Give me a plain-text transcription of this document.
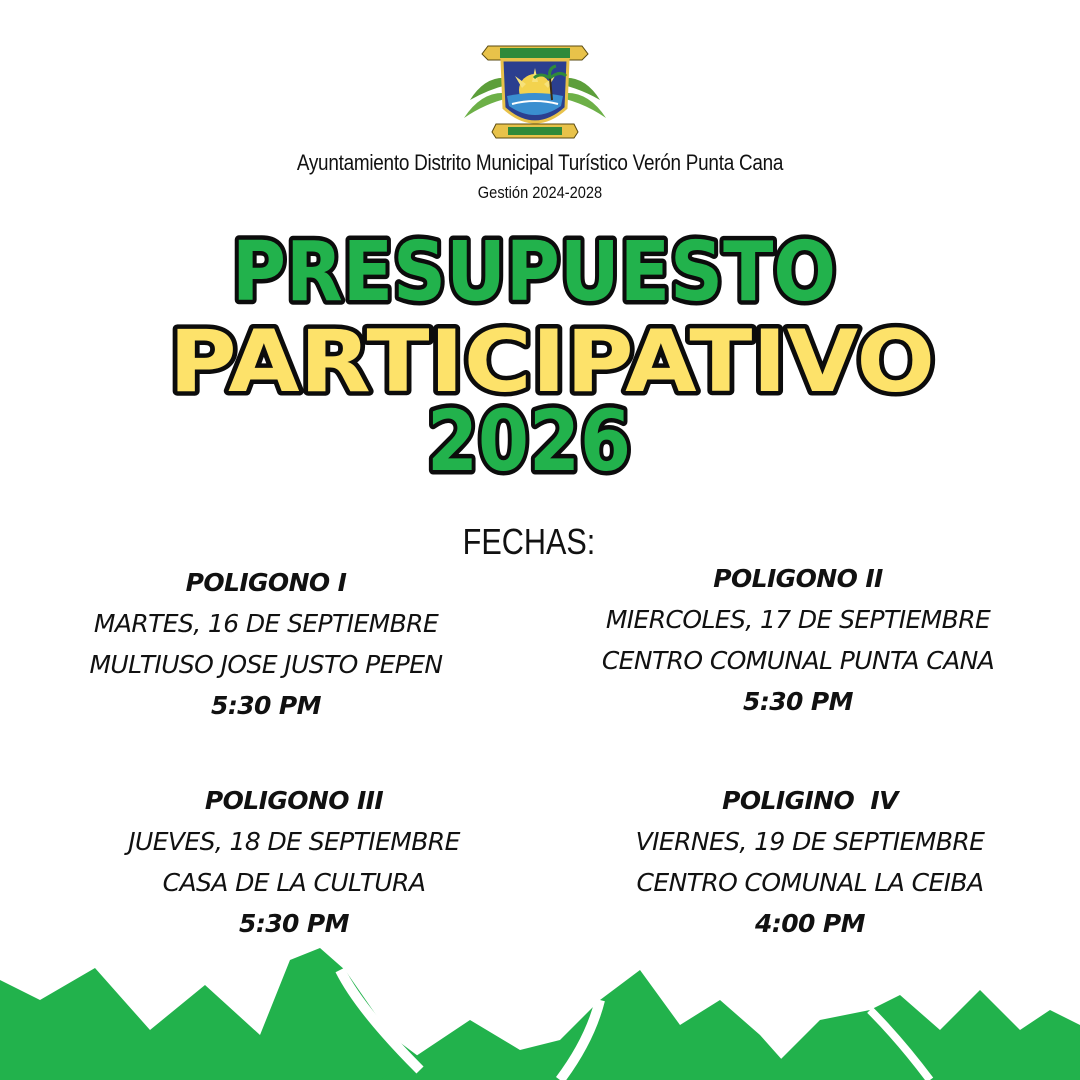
Ayuntamiento Distrito Municipal Turístico Verón Punta Cana
Gestión 2024-2028
PRESUPUESTO
PARTICIPATIVO
2026
FECHAS:
POLIGONO I
MARTES, 16 DE SEPTIEMBRE
MULTIUSO JOSE JUSTO PEPEN
5:30 PM
POLIGONO II
MIERCOLES, 17 DE SEPTIEMBRE
CENTRO COMUNAL PUNTA CANA
5:30 PM
POLIGONO III
JUEVES, 18 DE SEPTIEMBRE
CASA DE LA CULTURA
5:30 PM
POLIGINO  IV
VIERNES, 19 DE SEPTIEMBRE
CENTRO COMUNAL LA CEIBA
4:00 PM
